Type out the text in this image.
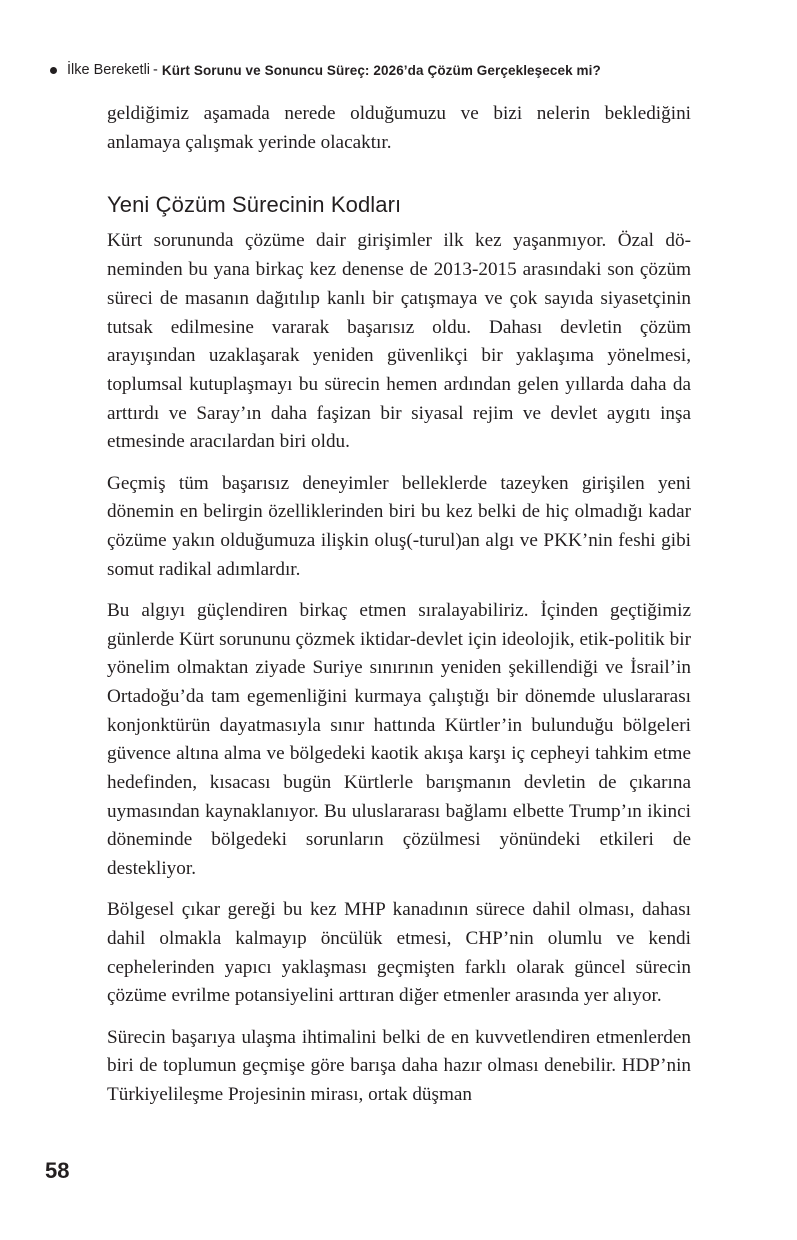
İlke Bereketli - Kürt Sorunu ve Sonuncu Süreç: 2026’da Çözüm Gerçekleşecek mi?

geldiğimiz aşamada nerede olduğumuzu ve bizi nelerin beklediğini anlamaya çalışmak yerinde olacaktır.

Yeni Çözüm Sürecinin Kodları

Kürt sorununda çözüme dair girişimler ilk kez yaşanmıyor. Özal döneminden bu yana birkaç kez denense de 2013-2015 arasındaki son çözüm süreci de masanın dağıtılıp kanlı bir çatışmaya ve çok sayıda siyasetçinin tutsak edilmesine vararak başarısız oldu. Dahası devletin çözüm arayışından uzaklaşarak yeniden güvenlikçi bir yaklaşıma yönelmesi, toplumsal kutuplaşmayı bu sürecin hemen ardından gelen yıllarda daha da arttırdı ve Saray’ın daha faşizan bir siyasal rejim ve devlet aygıtı inşa etmesinde aracılardan biri oldu.

Geçmiş tüm başarısız deneyimler belleklerde tazeyken girişilen yeni dönemin en belirgin özelliklerinden biri bu kez belki de hiç olmadığı kadar çözüme yakın olduğumuza ilişkin oluş(-turul)an algı ve PKK’nin feshi gibi somut radikal adımlardır.

Bu algıyı güçlendiren birkaç etmen sıralayabiliriz. İçinden geçtiğimiz günlerde Kürt sorununu çözmek iktidar-devlet için ideolojik, etik-politik bir yönelim olmaktan ziyade Suriye sınırının yeniden şekillendiği ve İsrail’in Ortadoğu’da tam egemenliğini kurmaya çalıştığı bir dönemde uluslararası konjonktürün dayatmasıyla sınır hattında Kürtler’in bulunduğu bölgeleri güvence altına alma ve bölgedeki kaotik akışa karşı iç cepheyi tahkim etme hedefinden, kısacası bugün Kürtlerle barışmanın devletin de çıkarına uymasından kaynaklanıyor. Bu uluslararası bağlamı elbette Trump’ın ikinci döneminde bölgedeki sorunların çözülmesi yönündeki etkileri de destekliyor.

Bölgesel çıkar gereği bu kez MHP kanadının sürece dahil olması, dahası dahil olmakla kalmayıp öncülük etmesi, CHP’nin olumlu ve kendi cephelerinden yapıcı yaklaşması geçmişten farklı olarak güncel sürecin çözüme evrilme potansiyelini arttıran diğer etmenler arasında yer alıyor.

Sürecin başarıya ulaşma ihtimalini belki de en kuvvetlendiren etmenlerden biri de toplumun geçmişe göre barışa daha hazır olması denebilir. HDP’nin Türkiyelileşme Projesinin mirası, ortak düşman

58
